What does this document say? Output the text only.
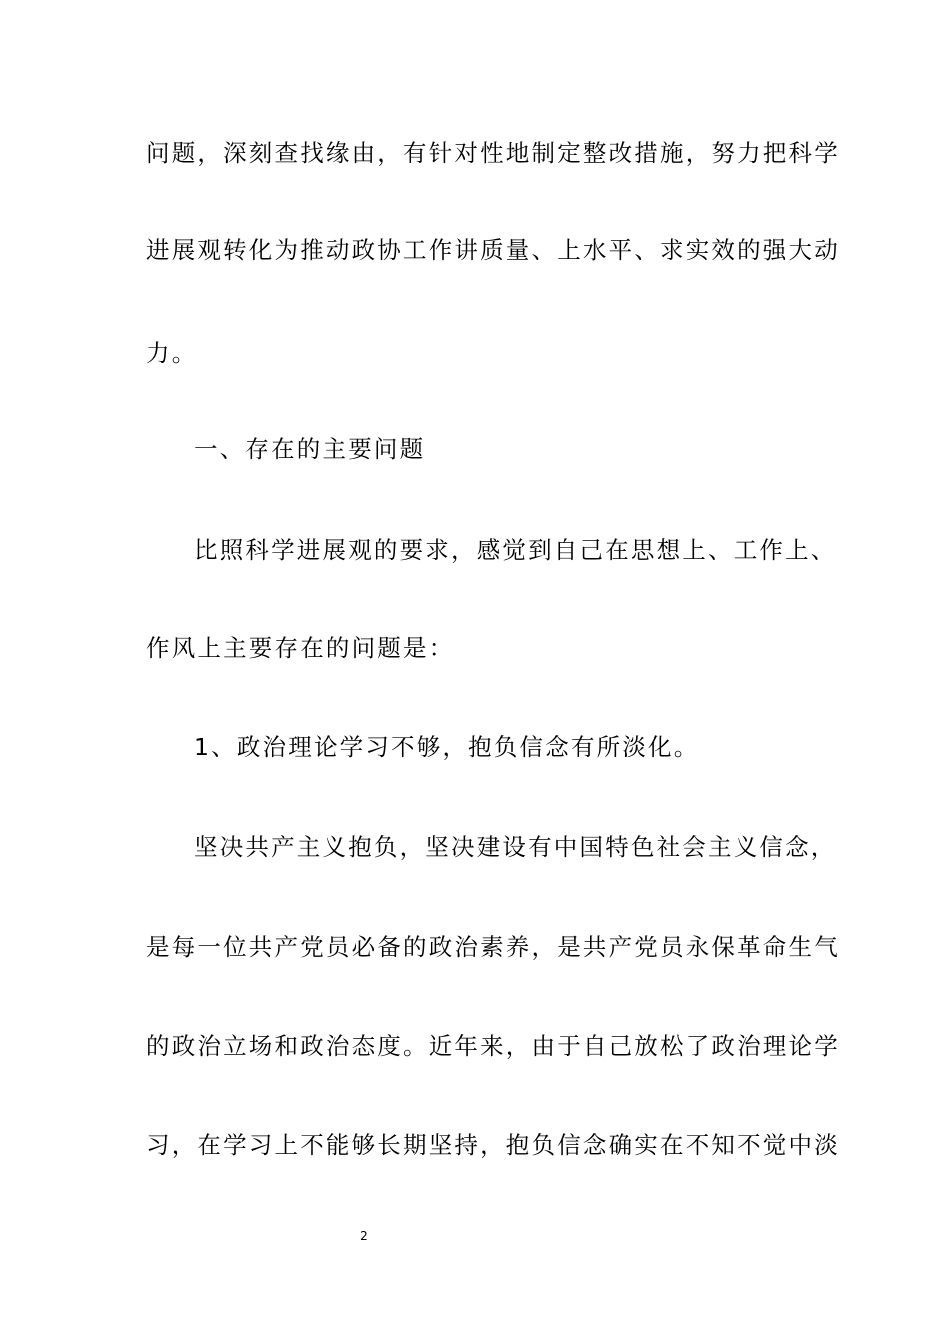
问题，深刻查找缘由，有针对性地制定整改措施，努力把科学
进展观转化为推动政协工作讲质量、上水平、求实效的强大动
力。
一、存在的主要问题
比照科学进展观的要求，感觉到自己在思想上、工作上、
作风上主要存在的问题是：
1、政治理论学习不够，抱负信念有所淡化。
坚决共产主义抱负，坚决建设有中国特色社会主义信念，
是每一位共产党员必备的政治素养，是共产党员永保革命生气
的政治立场和政治态度。近年来，由于自己放松了政治理论学
习，在学习上不能够长期坚持，抱负信念确实在不知不觉中淡
2
